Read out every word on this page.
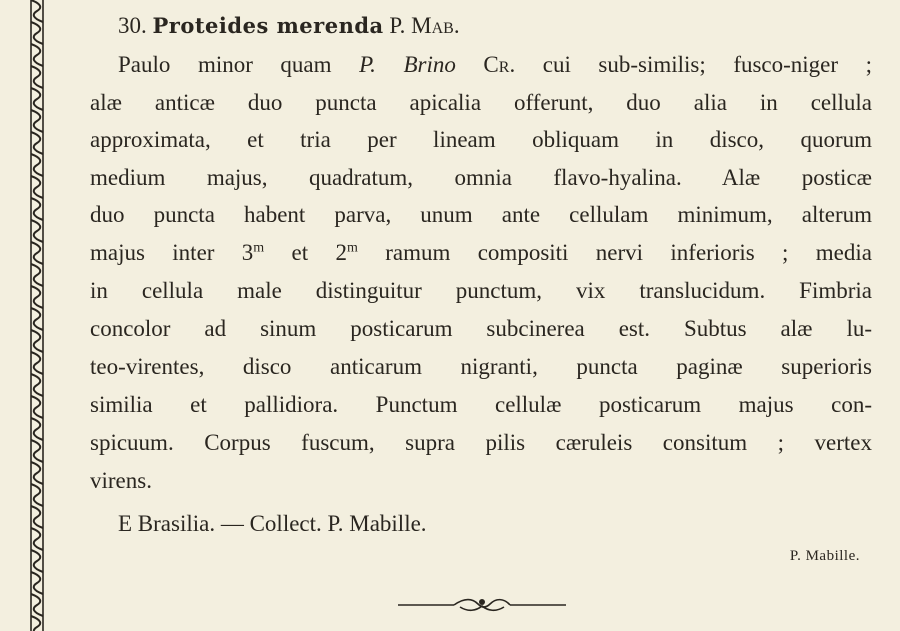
30. Proteides merenda P. Mab.
Paulo minor quam P. Brino Cr. cui sub-similis; fusco-niger ;
alæ anticæ duo puncta apicalia offerunt, duo alia in cellula
approximata, et tria per lineam obliquam in disco, quorum
medium majus, quadratum, omnia flavo-hyalina. Alæ posticæ
duo puncta habent parva, unum ante cellulam minimum, alterum
majus inter 3$^m$ et 2$^m$ ramum compositi nervi inferioris ; media
in cellula male distinguitur punctum, vix translucidum. Fimbria
concolor ad sinum posticarum subcinerea est. Subtus alæ lu-
teo-virentes, disco anticarum nigranti, puncta paginæ superioris
similia et pallidiora. Punctum cellulæ posticarum majus con-
spicuum. Corpus fuscum, supra pilis cæruleis consitum ; vertex
virens.
E Brasilia. — Collect. P. Mabille.
P. Mabille.
